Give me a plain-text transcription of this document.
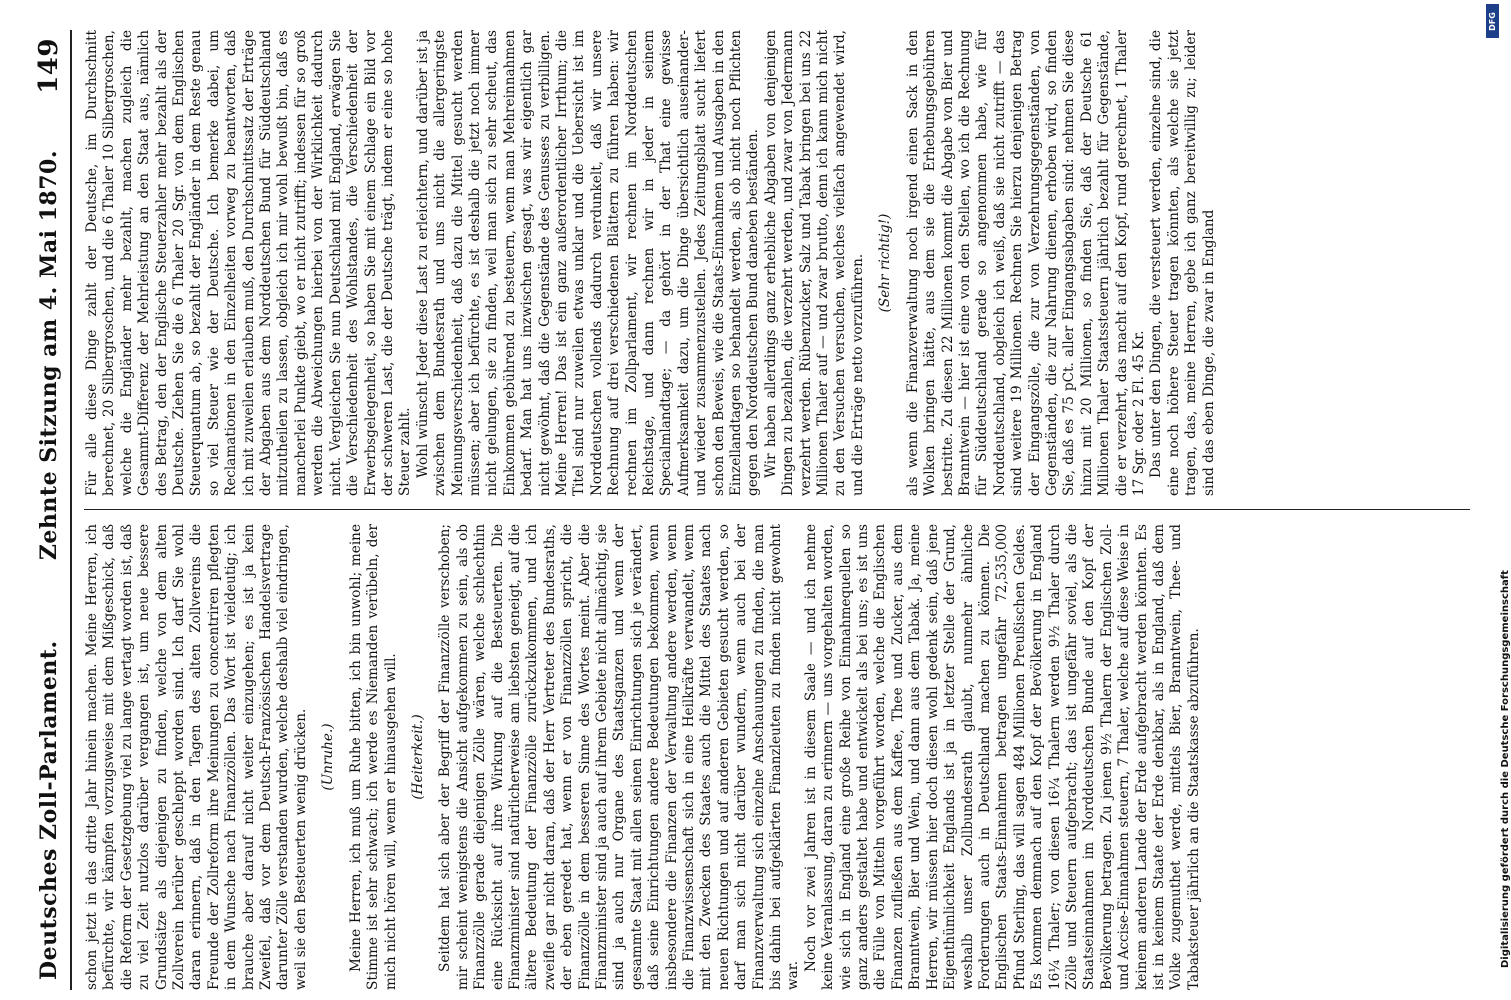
DFG
Digitalisierung gefördert durch die Deutsche Forschungsgemeinschaft
Deutsches Zoll-Parlament.
Zehnte Sitzung am 4. Mai 1870.
149

schon jetzt in das dritte Jahr hinein machen. Meine Herren, ich befürchte, wir kämpfen vorzugsweise mit dem Mißgeschick, daß die Reform der Gesetzgebung viel zu lange vertagt worden ist, daß zu viel Zeit nutzlos darüber vergangen ist, um neue bessere Grundsätze als diejenigen zu finden, welche von dem alten Zollverein herüber geschleppt worden sind. Ich darf Sie wohl daran erinnern, daß in den Tagen des alten Zollvereins die Freunde der Zollreform ihre Meinungen zu concentriren pflegten in dem Wunsche nach Finanzzöllen. Das Wort ist vieldeutig; ich brauche aber darauf nicht weiter einzugehen; es ist ja kein Zweifel, daß vor dem Deutsch-Französischen Handelsvertrage darunter Zölle verstanden wurden, welche deshalb viel eindringen, weil sie den Besteuerten wenig drücken. (Unruhe.) Meine Herren, ich muß um Ruhe bitten, ich bin unwohl; meine Stimme ist sehr schwach; ich werde es Niemanden verübeln, der mich nicht hören will, wenn er hinausgehen will. (Heiterkeit.) Seitdem hat sich aber der Begriff der Finanzzölle verschoben; mir scheint wenigstens die Ansicht aufgekommen zu sein, als ob Finanzzölle gerade diejenigen Zölle wären, welche schlechthin eine Rücksicht auf ihre Wirkung auf die Besteuerten. Die Finanzminister sind natürlicherweise am liebsten geneigt, auf die ältere Bedeutung der Finanzzölle zurückzukommen, und ich zweifle gar nicht daran, daß der Herr Vertreter des Bundesraths, der eben geredet hat, wenn er von Finanzzöllen spricht, die Finanzzölle in dem besseren Sinne des Wortes meint. Aber die Finanzminister sind ja auch auf ihrem Gebiete nicht allmächtig, sie sind ja auch nur Organe des Staatsganzen und wenn der gesammte Staat mit allen seinen Einrichtungen sich je verändert, daß seine Einrichtungen andere Bedeutungen bekommen, wenn insbesondere die Finanzen der Verwaltung andere werden, wenn die Finanzwissenschaft sich in eine Heilkräfte verwandelt, wenn mit den Zwecken des Staates auch die Mittel des Staates nach neuen Richtungen und auf anderen Gebieten gesucht werden, so darf man sich nicht darüber wundern, wenn auch bei der Finanzverwaltung sich einzelne Anschauungen zu finden, die man bis dahin bei aufgeklärten Finanzleuten zu finden nicht gewohnt war.

Noch vor zwei Jahren ist in diesem Saale — und ich nehme keine Veranlassung, daran zu erinnern — uns vorgehalten worden, wie sich in England eine große Reihe von Einnahmequellen so ganz anders gestaltet habe und entwickelt als bei uns; es ist uns die Fülle von Mitteln vorgeführt worden, welche die Englischen Finanzen zufließen aus dem Kaffee, Thee und Zucker, aus dem Branntwein, Bier und Wein, und dann aus dem Tabak. Ja, meine Herren, wir müssen hier doch diesen wohl gedenk sein, daß jene Eigenthümlichkeit Englands ist ja in letzter Stelle der Grund, weshalb unser Zollbundesrath glaubt, nunmehr ähnliche Forderungen auch in Deutschland machen zu können. Die Englischen Staats-Einnahmen betragen ungefähr 72,535,000 Pfund Sterling, das will sagen 484 Millionen Preußischen Geldes. Es kommen demnach auf den Kopf der Bevölkerung in England 16¼ Thaler; von diesen 16¼ Thalern werden 9½ Thaler durch Zölle und Steuern aufgebracht; das ist ungefähr soviel, als die Staatseinnahmen im Norddeutschen Bunde auf den Kopf der Bevölkerung betragen. Zu jenen 9½ Thalern der Englischen Zoll- und Accise-Einnahmen steuern, 7 Thaler, welche auf diese Weise in keinem anderen Lande der Erde aufgebracht werden könnten. Es ist in keinem Staate der Erde denkbar, als in England, daß dem Volke zugemuthet werde, mittels Bier, Branntwein, Thee- und Tabaksteuer jährlich an die Staatskasse abzuführen.

Für alle diese Dinge zahlt der Deutsche, im Durchschnitt berechnet, 20 Silbergroschen, und die 6 Thaler 10 Silbergroschen, welche die Engländer mehr bezahlt, machen zugleich die Gesammt-Differenz der Mehrleistung an den Staat aus, nämlich des Betrag, den der Englische Steuerzahler mehr bezahlt als der Deutsche. Ziehen Sie die 6 Thaler 20 Sgr. von dem Englischen Steuerquantum ab, so bezahlt der Engländer in dem Reste genau so viel Steuer wie der Deutsche. Ich bemerke dabei, um Reclamationen in den Einzelheiten vorweg zu beantworten, daß ich mit zuweilen erlauben muß, den Durchschnittssatz der Erträge der Abgaben aus dem Norddeutschen Bund für Süddeutschland mitzutheilen zu lassen, obgleich ich mir wohl bewußt bin, daß es mancherlei Punkte giebt, wo er nicht zutrifft; indessen für so groß werden die Abweichungen hierbei von der Wirklichkeit dadurch nicht. Vergleichen Sie nun Deutschland mit England, erwägen Sie die Verschiedenheit des Wohlstandes, die Verschiedenheit der Erwerbsgelegenheit, so haben Sie mit einem Schlage ein Bild vor der schweren Last, die der Deutsche trägt, indem er eine so hohe Steuer zahlt. Wohl wünscht Jeder diese Last zu erleichtern, und darüber ist ja zwischen dem Bundesrath und uns nicht die allergeringste Meinungsverschiedenheit, daß dazu die Mittel gesucht werden müssen; aber ich befürchte, es ist deshalb die jetzt noch immer nicht gelungen, sie zu finden, weil man sich zu sehr scheut, das Einkommen gebührend zu besteuern, wenn man Mehreinnahmen bedarf. Man hat uns inzwischen gesagt, was wir eigentlich gar nicht gewöhnt, daß die Gegenstände des Genusses zu verbilligen. Meine Herren! Das ist ein ganz außerordentlicher Irrthum; die Titel sind nur zuweilen etwas unklar und die Uebersicht ist im Norddeutschen vollends dadurch verdunkelt, daß wir unsere Rechnung auf drei verschiedenen Blättern zu führen haben: wir rechnen im Zollparlament, wir rechnen im Norddeutschen Reichstage, und dann rechnen wir in jeder in seinem Specialmlandtage; — da gehört in der That eine gewisse Aufmerksamkeit dazu, um die Dinge übersichtlich auseinander- und wieder zusammenzustellen. Jedes Zeitungsblatt sucht liefert schon den Beweis, wie die Staats-Einnahmen und Ausgaben in den Einzellandtagen so behandelt werden, als ob nicht noch Pflichten gegen den Norddeutschen Bund daneben beständen. Wir haben allerdings ganz erhebliche Abgaben von denjenigen Dingen zu bezahlen, die verzehrt werden, und zwar von Jedermann verzehrt werden. Rübenzucker, Salz und Tabak bringen bei uns 22 Millionen Thaler auf — und zwar brutto, denn ich kann mich nicht zu den Versuchen versuchen, welches vielfach angewendet wird, und die Erträge netto vorzuführen. (Sehr richtig!) als wenn die Finanzverwaltung noch irgend einen Sack in den Wolken bringen hätte, aus dem sie die Erhebungsgebühren bestritte. Zu diesen 22 Millionen kommt die Abgabe von Bier und Branntwein — hier ist eine von den Stellen, wo ich die Rechnung für Süddeutschland gerade so angenommen habe, wie für Norddeutschland, obgleich ich weiß, daß sie nicht zutrifft — das sind weitere 19 Millionen. Rechnen Sie hierzu denjenigen Betrag der Eingangszölle, die zur von Verzehrungsgegenständen, von Gegenständen, die zur Nahrung dienen, erhoben wird, so finden Sie, daß es 75 pCt. aller Eingangsabgaben sind: nehmen Sie diese hinzu mit 20 Millionen, so finden Sie, daß der Deutsche 61 Millionen Thaler Staatssteuern jährlich bezahlt für Gegenstände, die er verzehrt, das macht auf den Kopf, rund gerechnet, 1 Thaler 17 Sgr. oder 2 Fl. 45 Kr. Das unter den Dingen, die versteuert werden, einzelne sind, die eine noch höhere Steuer tragen könnten, als welche sie jetzt tragen, das, meine Herren, gebe ich ganz bereitwillig zu; leider sind das eben Dinge, die zwar in England
